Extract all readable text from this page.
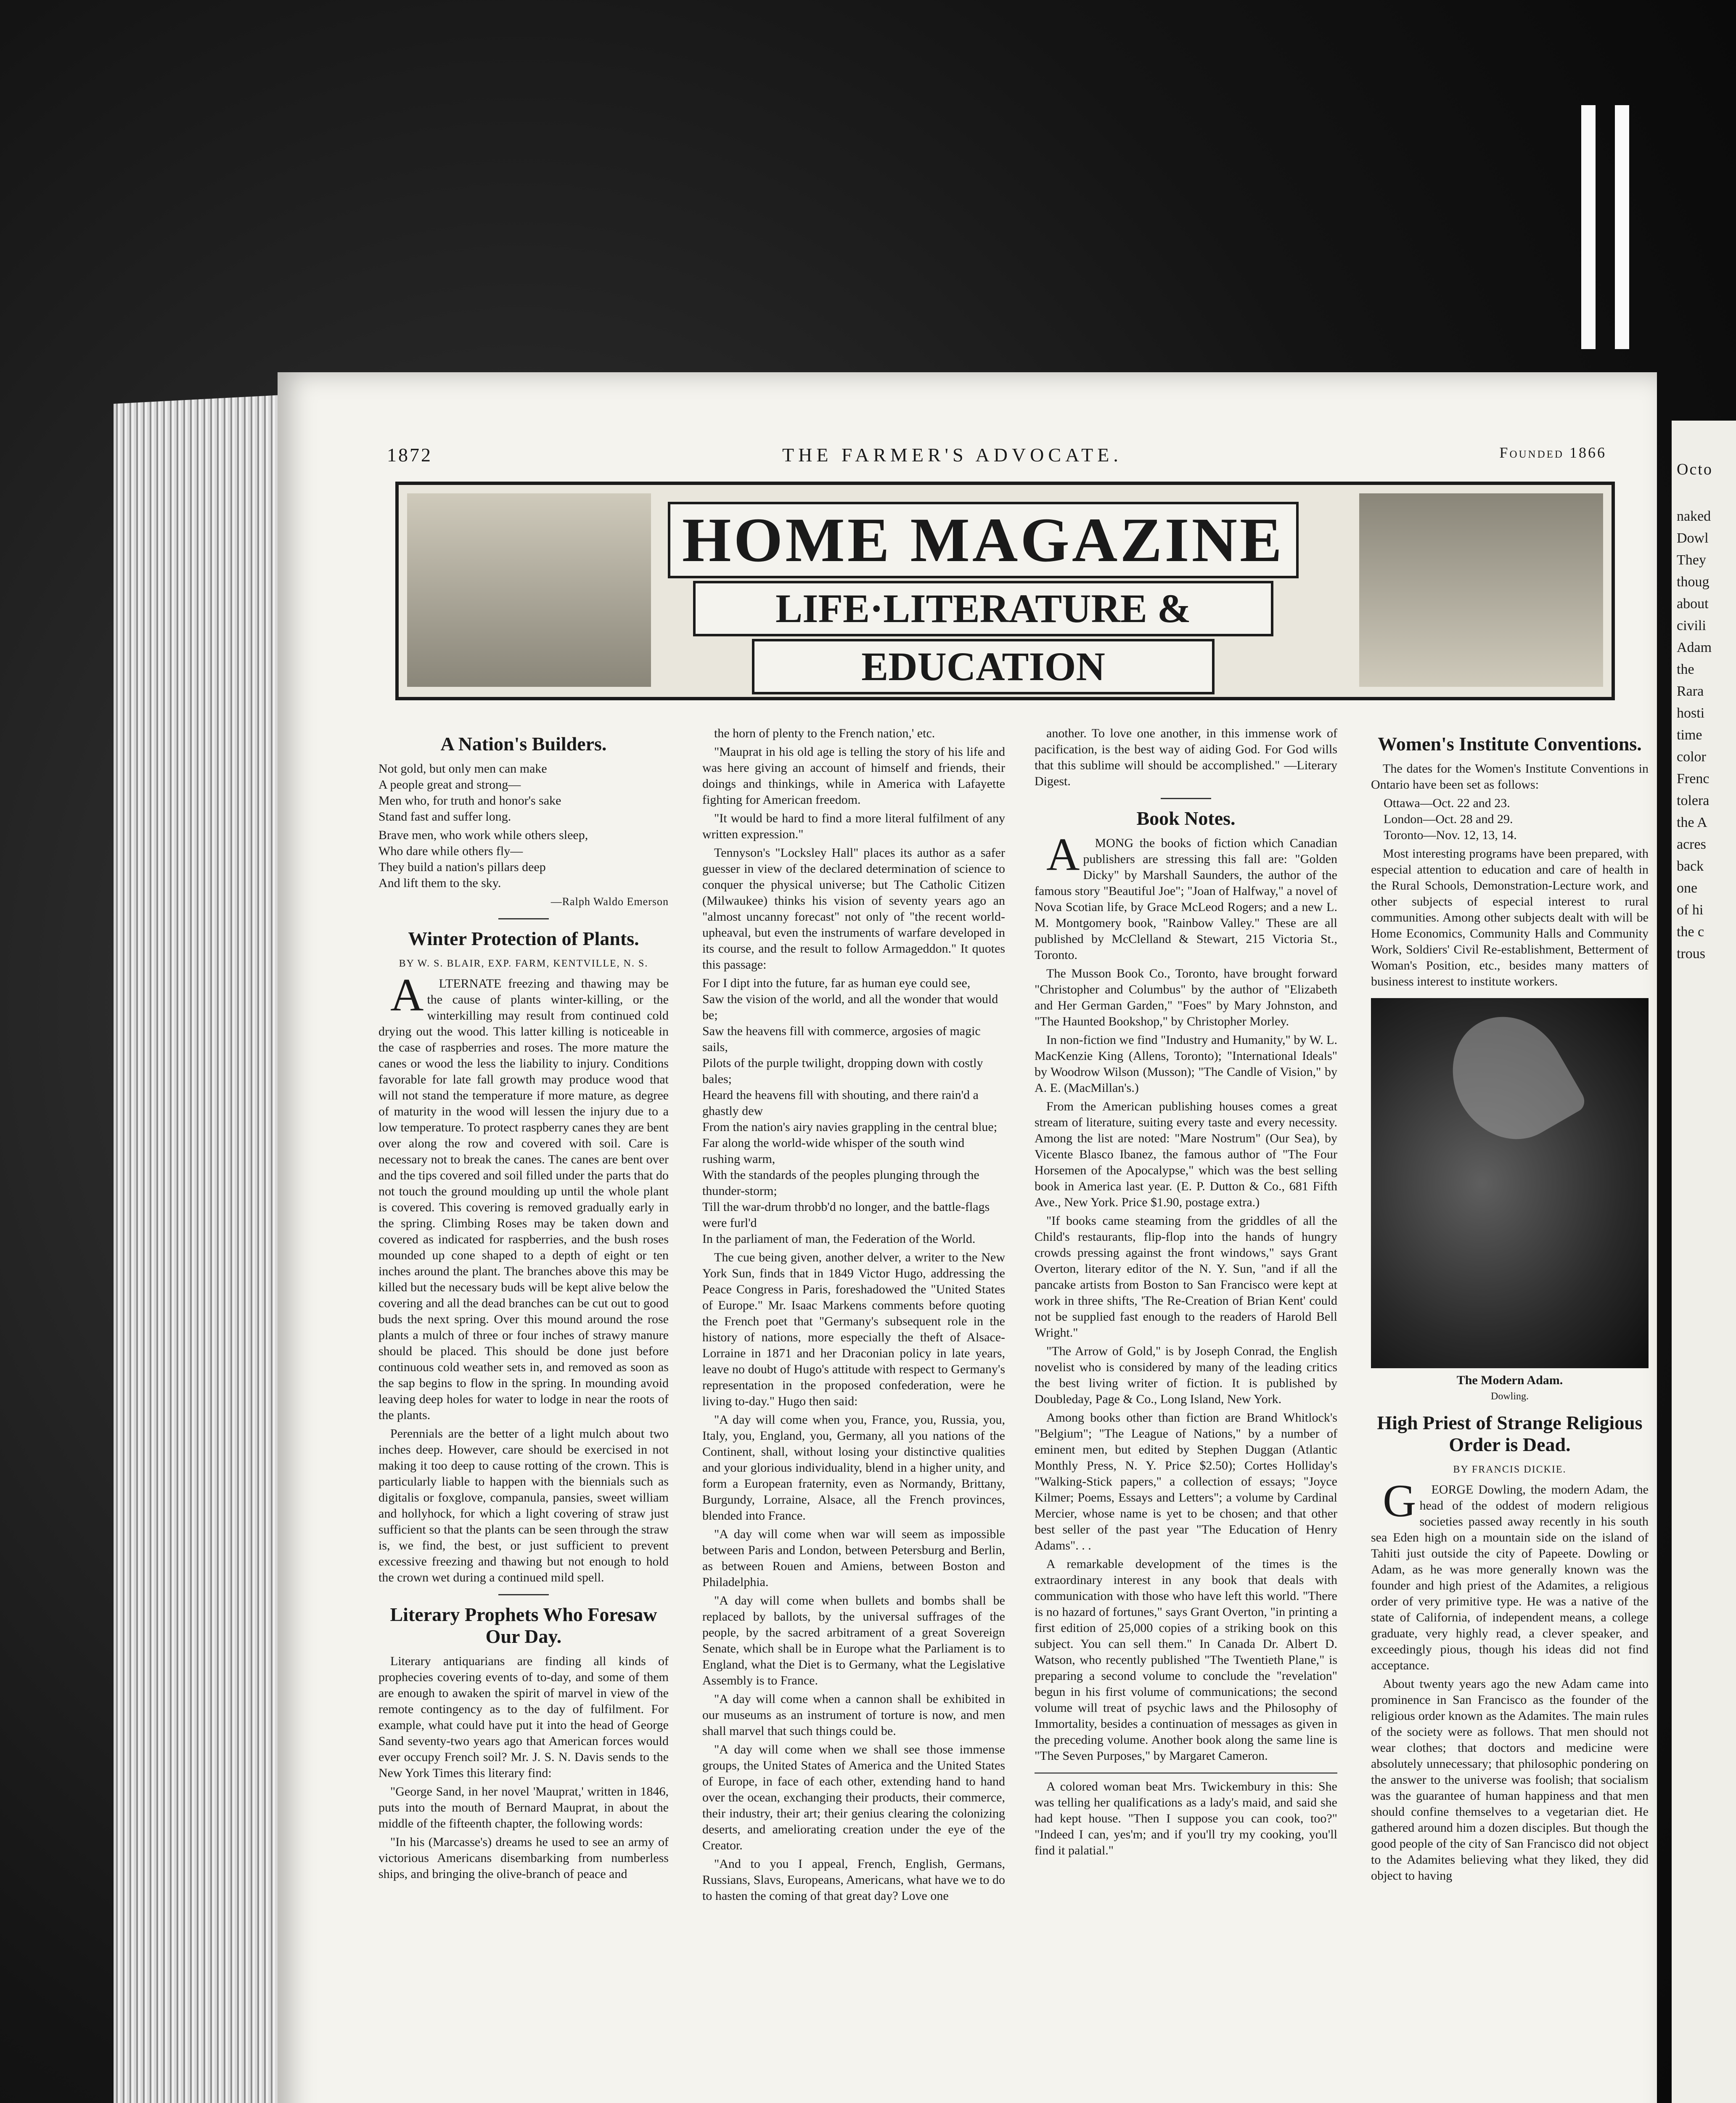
1872	THE FARMER'S ADVOCATE.	Founded 1866
HOME MAGAZINE
LIFE·LITERATURE &
EDUCATION
A Nation's Builders.
Not gold, but only men can make
A people great and strong—
Men who, for truth and honor's sake
Stand fast and suffer long.
Brave men, who work while others sleep,
Who dare while others fly—
They build a nation's pillars deep
And lift them to the sky.
—Ralph Waldo Emerson
Winter Protection of Plants.
BY W. S. BLAIR, EXP. FARM, KENTVILLE, N. S.

ALTERNATE freezing and thawing may be the cause of plants winter-killing, or the winterkilling may result from continued cold drying out the wood. This latter killing is noticeable in the case of raspberries and roses. The more mature the canes or wood the less the liability to injury. Conditions favorable for late fall growth may produce wood that will not stand the temperature if more mature, as degree of maturity in the wood will lessen the injury due to a low temperature. To protect raspberry canes they are bent over along the row and covered with soil. Care is necessary not to break the canes. The canes are bent over and the tips covered and soil filled under the parts that do not touch the ground moulding up until the whole plant is covered. This covering is removed gradually early in the spring. Climbing Roses may be taken down and covered as indicated for raspberries, and the bush roses mounded up cone shaped to a depth of eight or ten inches around the plant. The branches above this may be killed but the necessary buds will be kept alive below the covering and all the dead branches can be cut out to good buds the next spring. Over this mound around the rose plants a mulch of three or four inches of strawy manure should be placed. This should be done just before continuous cold weather sets in, and removed as soon as the sap begins to flow in the spring. In mounding avoid leaving deep holes for water to lodge in near the roots of the plants.

Perennials are the better of a light mulch about two inches deep. However, care should be exercised in not making it too deep to cause rotting of the crown. This is particularly liable to happen with the biennials such as digitalis or foxglove, companula, pansies, sweet william and hollyhock, for which a light covering of straw just sufficient so that the plants can be seen through the straw is, we find, the best, or just sufficient to prevent excessive freezing and thawing but not enough to hold the crown wet during a continued mild spell.

Literary Prophets Who Foresaw Our Day.

Literary antiquarians are finding all kinds of prophecies covering events of to-day, and some of them are enough to awaken the spirit of marvel in view of the remote contingency as to the day of fulfilment. For example, what could have put it into the head of George Sand seventy-two years ago that American forces would ever occupy French soil? Mr. J. S. N. Davis sends to the New York Times this literary find:

"George Sand, in her novel 'Mauprat,' written in 1846, puts into the mouth of Bernard Mauprat, in about the middle of the fifteenth chapter, the following words:

"In his (Marcasse's) dreams he used to see an army of victorious Americans disembarking from numberless ships, and bringing the olive-branch of peace and

the horn of plenty to the French nation,' etc.

"Mauprat in his old age is telling the story of his life and was here giving an account of himself and friends, their doings and thinkings, while in America with Lafayette fighting for American freedom.

"It would be hard to find a more literal fulfilment of any written expression."

Tennyson's "Locksley Hall" places its author as a safer guesser in view of the declared determination of science to conquer the physical universe; but The Catholic Citizen (Milwaukee) thinks his vision of seventy years ago an "almost uncanny forecast" not only of "the recent world-upheaval, but even the instruments of warfare developed in its course, and the result to follow Armageddon." It quotes this passage:

For I dipt into the future, far as human eye could see,
Saw the vision of the world, and all the wonder that would be;
Saw the heavens fill with commerce, argosies of magic sails,
Pilots of the purple twilight, dropping down with costly bales;
Heard the heavens fill with shouting, and there rain'd a ghastly dew
From the nation's airy navies grappling in the central blue;
Far along the world-wide whisper of the south wind rushing warm,
With the standards of the peoples plunging through the thunder-storm;
Till the war-drum throbb'd no longer, and the battle-flags were furl'd
In the parliament of man, the Federation of the World.

The cue being given, another delver, a writer to the New York Sun, finds that in 1849 Victor Hugo, addressing the Peace Congress in Paris, foreshadowed the "United States of Europe." Mr. Isaac Markens comments before quoting the French poet that "Germany's subsequent role in the history of nations, more especially the theft of Alsace-Lorraine in 1871 and her Draconian policy in late years, leave no doubt of Hugo's attitude with respect to Germany's representation in the proposed confederation, were he living to-day." Hugo then said:

"A day will come when you, France, you, Russia, you, Italy, you, England, you, Germany, all you nations of the Continent, shall, without losing your distinctive qualities and your glorious individuality, blend in a higher unity, and form a European fraternity, even as Normandy, Brittany, Burgundy, Lorraine, Alsace, all the French provinces, blended into France.

"A day will come when war will seem as impossible between Paris and London, between Petersburg and Berlin, as between Rouen and Amiens, between Boston and Philadelphia.

"A day will come when bullets and bombs shall be replaced by ballots, by the universal suffrages of the people, by the sacred arbitrament of a great Sovereign Senate, which shall be in Europe what the Parliament is to England, what the Diet is to Germany, what the Legislative Assembly is to France.

"A day will come when a cannon shall be exhibited in our museums as an instrument of torture is now, and men shall marvel that such things could be.

"A day will come when we shall see those immense groups, the United States of America and the United States of Europe, in face of each other, extending hand to hand over the ocean, exchanging their products, their commerce, their industry, their art; their genius clearing the colonizing deserts, and ameliorating creation under the eye of the Creator.

"And to you I appeal, French, English, Germans, Russians, Slavs, Europeans, Americans, what have we to do to hasten the coming of that great day? Love one

another. To love one another, in this immense work of pacification, is the best way of aiding God. For God wills that this sublime will should be accomplished." —Literary Digest.

Book Notes.

AMONG the books of fiction which Canadian publishers are stressing this fall are: "Golden Dicky" by Marshall Saunders, the author of the famous story "Beautiful Joe"; "Joan of Halfway," a novel of Nova Scotian life, by Grace McLeod Rogers; and a new L. M. Montgomery book, "Rainbow Valley." These are all published by McClelland & Stewart, 215 Victoria St., Toronto.

The Musson Book Co., Toronto, have brought forward "Christopher and Columbus" by the author of "Elizabeth and Her German Garden," "Foes" by Mary Johnston, and "The Haunted Bookshop," by Christopher Morley.

In non-fiction we find "Industry and Humanity," by W. L. MacKenzie King (Allens, Toronto); "International Ideals" by Woodrow Wilson (Musson); "The Candle of Vision," by A. E. (MacMillan's.)

From the American publishing houses comes a great stream of literature, suiting every taste and every necessity. Among the list are noted: "Mare Nostrum" (Our Sea), by Vicente Blasco Ibanez, the famous author of "The Four Horsemen of the Apocalypse," which was the best selling book in America last year. (E. P. Dutton & Co., 681 Fifth Ave., New York. Price $1.90, postage extra.)

"If books came steaming from the griddles of all the Child's restaurants, flip-flop into the hands of hungry crowds pressing against the front windows," says Grant Overton, literary editor of the N. Y. Sun, "and if all the pancake artists from Boston to San Francisco were kept at work in three shifts, 'The Re-Creation of Brian Kent' could not be supplied fast enough to the readers of Harold Bell Wright."

"The Arrow of Gold," is by Joseph Conrad, the English novelist who is considered by many of the leading critics the best living writer of fiction. It is published by Doubleday, Page & Co., Long Island, New York.

Among books other than fiction are Brand Whitlock's "Belgium"; "The League of Nations," by a number of eminent men, but edited by Stephen Duggan (Atlantic Monthly Press, N. Y. Price $2.50); Cortes Holliday's "Walking-Stick papers," a collection of essays; "Joyce Kilmer; Poems, Essays and Letters"; a volume by Cardinal Mercier, whose name is yet to be chosen; and that other best seller of the past year "The Education of Henry Adams". . .

A remarkable development of the times is the extraordinary interest in any book that deals with communication with those who have left this world. "There is no hazard of fortunes," says Grant Overton, "in printing a first edition of 25,000 copies of a striking book on this subject. You can sell them." In Canada Dr. Albert D. Watson, who recently published "The Twentieth Plane," is preparing a second volume to conclude the "revelation" begun in his first volume of communications; the second volume will treat of psychic laws and the Philosophy of Immortality, besides a continuation of messages as given in the preceding volume. Another book along the same line is "The Seven Purposes," by Margaret Cameron.

A colored woman beat Mrs. Twickembury in this: She was telling her qualifications as a lady's maid, and said she had kept house. "Then I suppose you can cook, too?" "Indeed I can, yes'm; and if you'll try my cooking, you'll find it palatial."

Women's Institute Conventions.

The dates for the Women's Institute Conventions in Ontario have been set as follows:

Ottawa—Oct. 22 and 23.
London—Oct. 28 and 29.
Toronto—Nov. 12, 13, 14.

Most interesting programs have been prepared, with especial attention to education and care of health in the Rural Schools, Demonstration-Lecture work, and other subjects of especial interest to rural communities. Among other subjects dealt with will be Home Economics, Community Halls and Community Work, Soldiers' Civil Re-establishment, Betterment of Woman's Position, etc., besides many matters of business interest to institute workers.

The Modern Adam.
Dowling.
High Priest of Strange Religious Order is Dead.
BY FRANCIS DICKIE.

GEORGE Dowling, the modern Adam, the head of the oddest of modern religious societies passed away recently in his south sea Eden high on a mountain side on the island of Tahiti just outside the city of Papeete. Dowling or Adam, as he was more generally known was the founder and high priest of the Adamites, a religious order of very primitive type. He was a native of the state of California, of independent means, a college graduate, very highly read, a clever speaker, and exceedingly pious, though his ideas did not find acceptance.

About twenty years ago the new Adam came into prominence in San Francisco as the founder of the religious order known as the Adamites. The main rules of the society were as follows. That men should not wear clothes; that doctors and medicine were absolutely unnecessary; that philosophic pondering on the answer to the universe was foolish; that socialism was the guarantee of human happiness and that men should confine themselves to a vegetarian diet. He gathered around him a dozen disciples. But though the good people of the city of San Francisco did not object to the Adamites believing what they liked, they did object to having

Octo
naked
Dowl
They
thoug
about
civili
Adam
the
Rara
hosti
time
color
Frenc
tolera
the A
acres
back
one
of hi
the c
trous
